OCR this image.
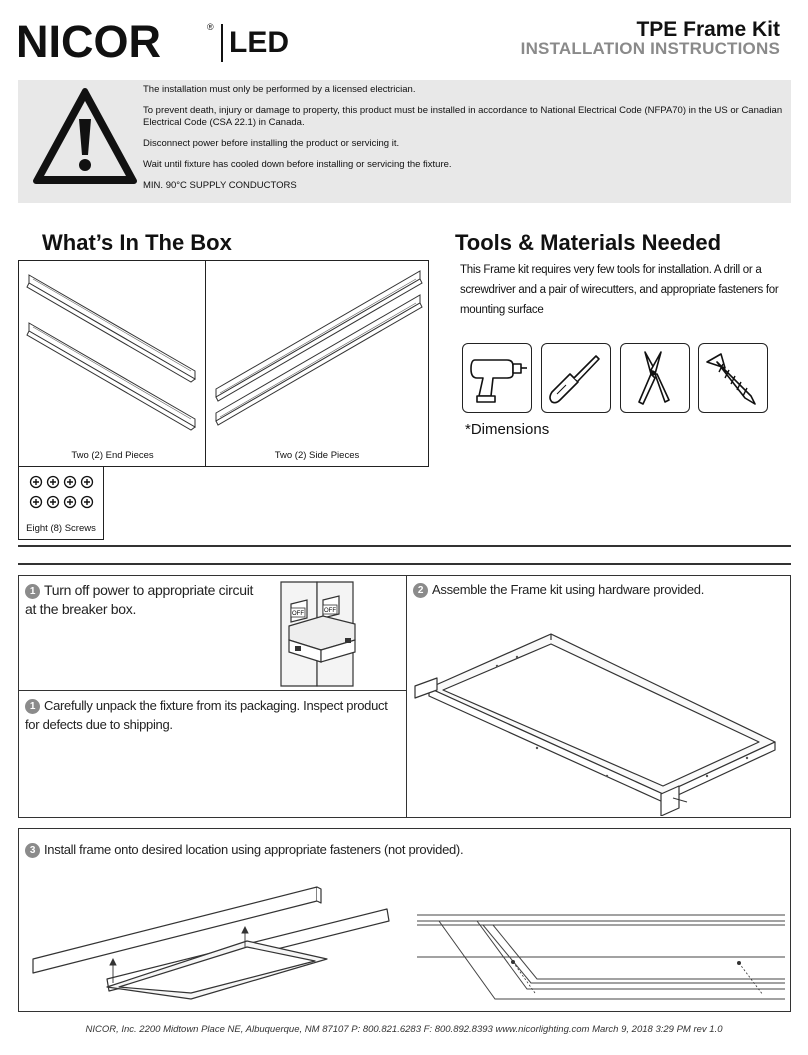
NICOR	® LED	TPE Frame Kit
INSTALLATION INSTRUCTIONS

The installation must only be performed by a licensed electrician.

To prevent death, injury or damage to property, this product must be installed in accordance to National Electrical Code (NFPA70) in the US or Canadian Electrical Code (CSA 22.1) in Canada.

Disconnect power before installing the product or servicing it.

Wait until fixture has cooled down before installing or servicing the fixture.

MIN. 90°C SUPPLY CONDUCTORS

What’s In The Box
Two (2) End Pieces	Two (2) Side Pieces
Eight (8) Screws
Tools & Materials Needed
This Frame kit requires very few tools for installation. A drill or a screwdriver and a pair of wirecutters, and appropriate fasteners for mounting surface
*Dimensions
1 Turn off power to appropriate circuit at the breaker box.	OFF	OFF
1 Carefully unpack the fixture from its packaging. Inspect product for defects due to shipping.
2 Assemble the Frame kit using hardware provided.
3 Install frame onto desired location using appropriate fasteners (not provided).
NICOR, Inc. 2200 Midtown Place NE, Albuquerque, NM 87107 P: 800.821.6283 F: 800.892.8393 www.nicorlighting.com March 9, 2018 3:29 PM rev 1.0
